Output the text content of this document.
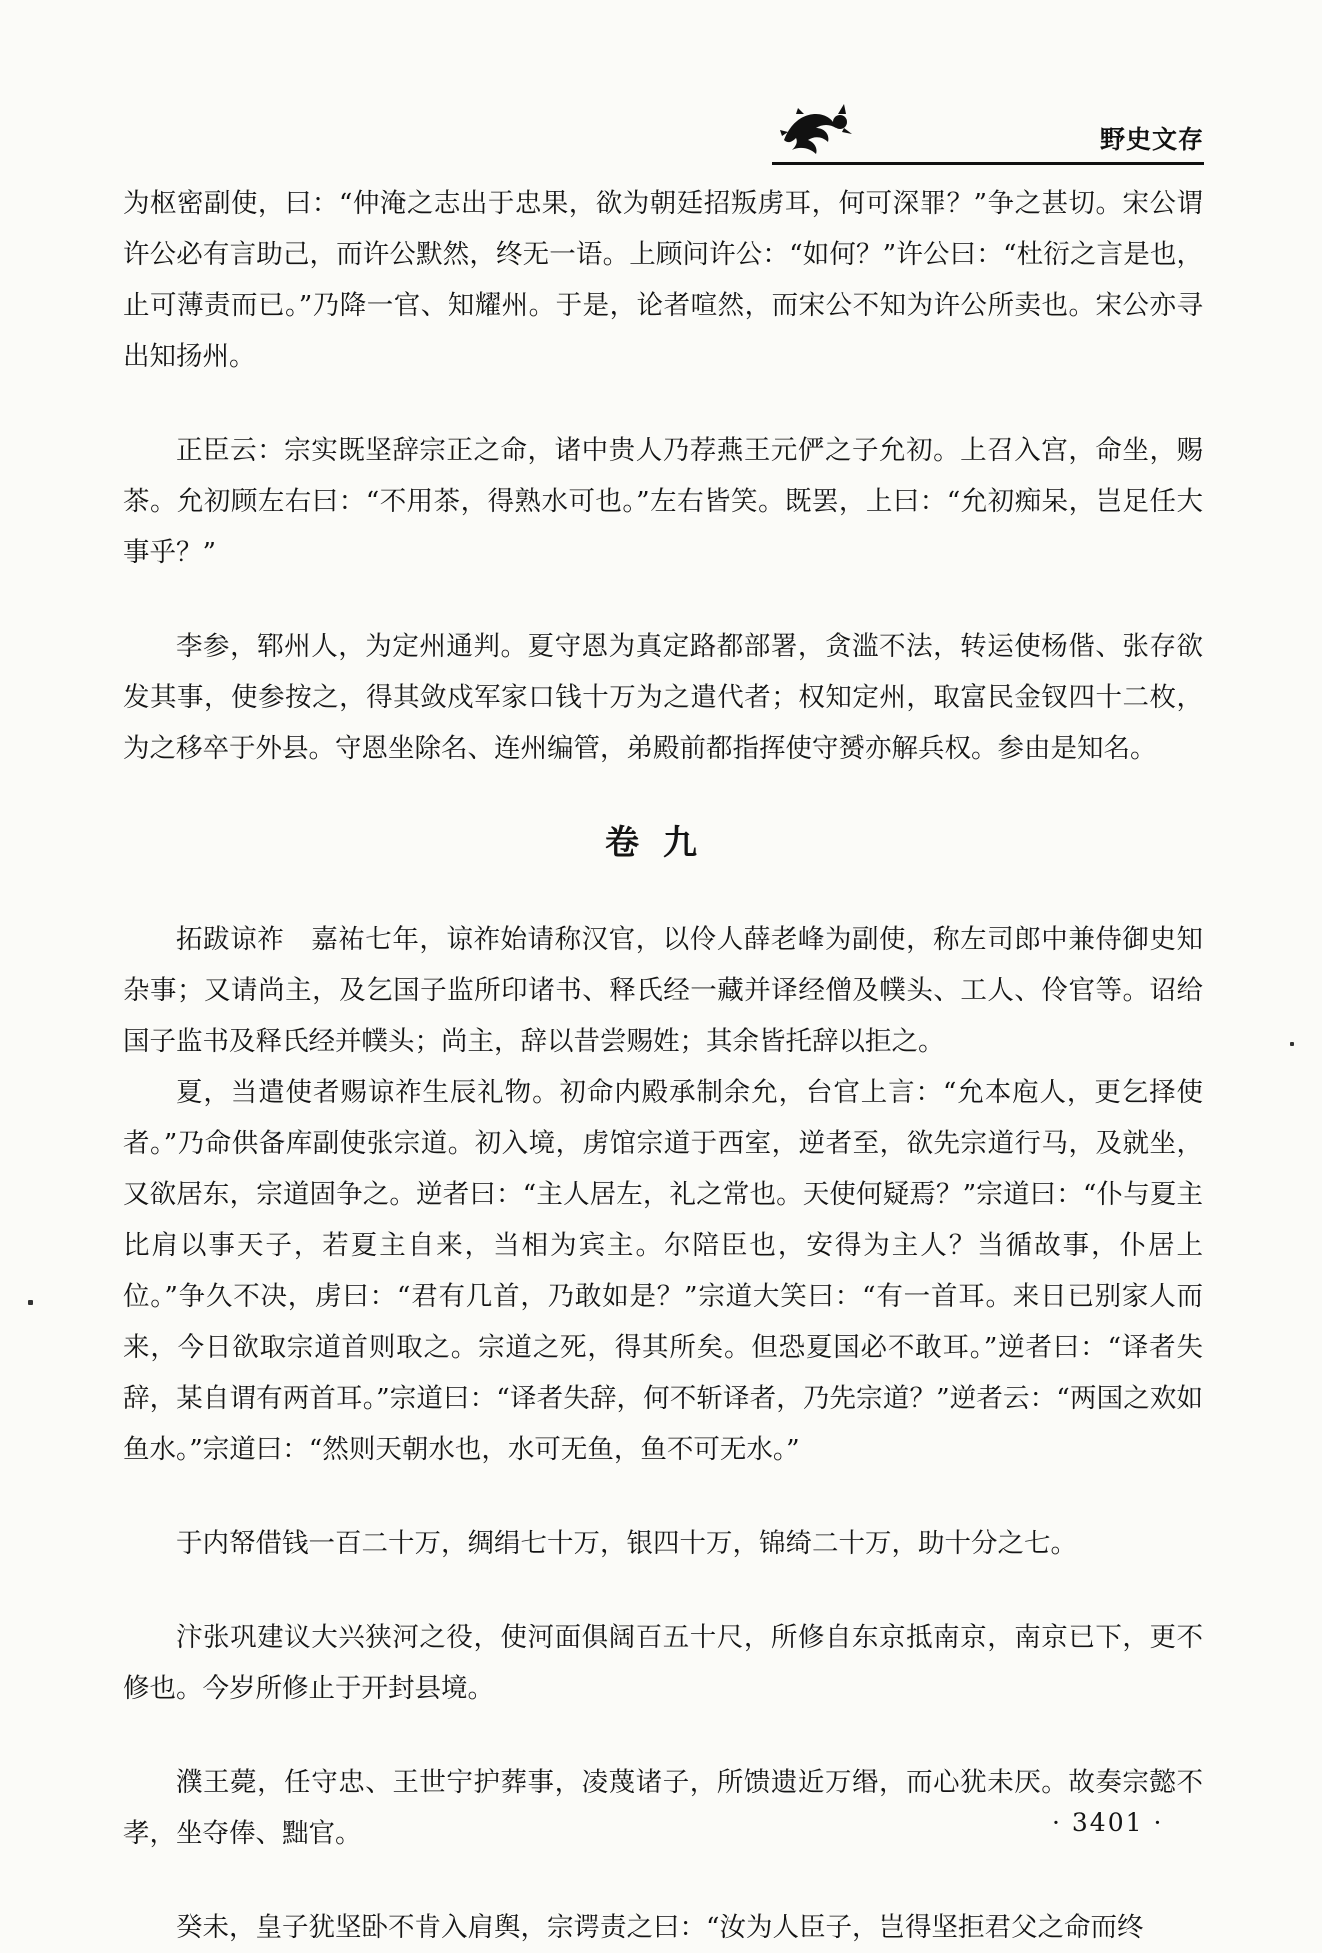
野史文存

为枢密副使，曰：“仲淹之志出于忠果，欲为朝廷招叛虏耳，何可深罪？”争之甚切。宋公谓许公必有言助己，而许公默然，终无一语。上顾问许公：“如何？”许公曰：“杜衍之言是也，止可薄责而已。”乃降一官、知耀州。于是，论者喧然，而宋公不知为许公所卖也。宋公亦寻出知扬州。

正臣云：宗实既坚辞宗正之命，诸中贵人乃荐燕王元俨之子允初。上召入宫，命坐，赐茶。允初顾左右曰：“不用茶，得熟水可也。”左右皆笑。既罢，上曰：“允初痴呆，岂足任大事乎？”

李参，郓州人，为定州通判。夏守恩为真定路都部署，贪滥不法，转运使杨偕、张存欲发其事，使参按之，得其敛戍军家口钱十万为之遣代者；权知定州，取富民金钗四十二枚，为之移卒于外县。守恩坐除名、连州编管，弟殿前都指挥使守赟亦解兵权。参由是知名。

卷九

拓跋谅祚　嘉祐七年，谅祚始请称汉官，以伶人薛老峰为副使，称左司郎中兼侍御史知杂事；又请尚主，及乞国子监所印诸书、释氏经一藏并译经僧及幞头、工人、伶官等。诏给国子监书及释氏经并幞头；尚主，辞以昔尝赐姓；其余皆托辞以拒之。

夏，当遣使者赐谅祚生辰礼物。初命内殿承制余允，台官上言：“允本庖人，更乞择使者。”乃命供备库副使张宗道。初入境，虏馆宗道于西室，逆者至，欲先宗道行马，及就坐，又欲居东，宗道固争之。逆者曰：“主人居左，礼之常也。天使何疑焉？”宗道曰：“仆与夏主比肩以事天子，若夏主自来，当相为宾主。尔陪臣也，安得为主人？当循故事，仆居上位。”争久不决，虏曰：“君有几首，乃敢如是？”宗道大笑曰：“有一首耳。来日已别家人而来，今日欲取宗道首则取之。宗道之死，得其所矣。但恐夏国必不敢耳。”逆者曰：“译者失辞，某自谓有两首耳。”宗道曰：“译者失辞，何不斩译者，乃先宗道？”逆者云：“两国之欢如鱼水。”宗道曰：“然则天朝水也，水可无鱼，鱼不可无水。”

于内帑借钱一百二十万，绸绢七十万，银四十万，锦绮二十万，助十分之七。

汴张巩建议大兴狭河之役，使河面俱阔百五十尺，所修自东京抵南京，南京已下，更不修也。今岁所修止于开封县境。

濮王薨，任守忠、王世宁护葬事，凌蔑诸子，所馈遗近万缗，而心犹未厌。故奏宗懿不孝，坐夺俸、黜官。

癸未，皇子犹坚卧不肯入肩舆，宗谔责之曰：“汝为人臣子，岂得坚拒君父之命而终

· 3401 ·
